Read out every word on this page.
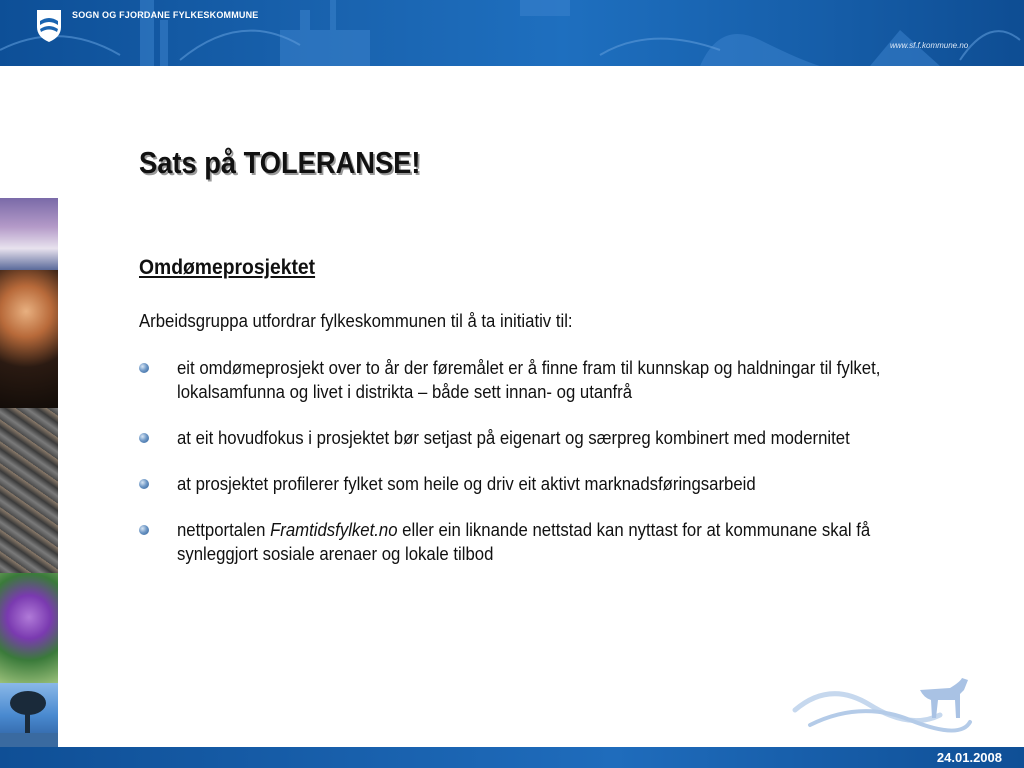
SOGN OG FJORDANE FYLKESKOMMUNE
www.sf.f.kommune.no
Sats på TOLERANSE!
Omdømeprosjektet
Arbeidsgruppa utfordrar fylkeskommunen til å ta initiativ til:
eit omdømeprosjekt over to år der føremålet er å finne fram til kunnskap og haldningar til fylket, lokalsamfunna og livet i distrikta – både sett innan- og utanfrå
at eit hovudfokus i prosjektet bør setjast på eigenart og særpreg kombinert med modernitet
at prosjektet profilerer fylket som heile og driv eit aktivt marknadsføringsarbeid
nettportalen Framtidsfylket.no eller ein liknande nettstad kan nyttast for at kommunane skal få synleggjort sosiale arenaer og lokale tilbod
24.01.2008
